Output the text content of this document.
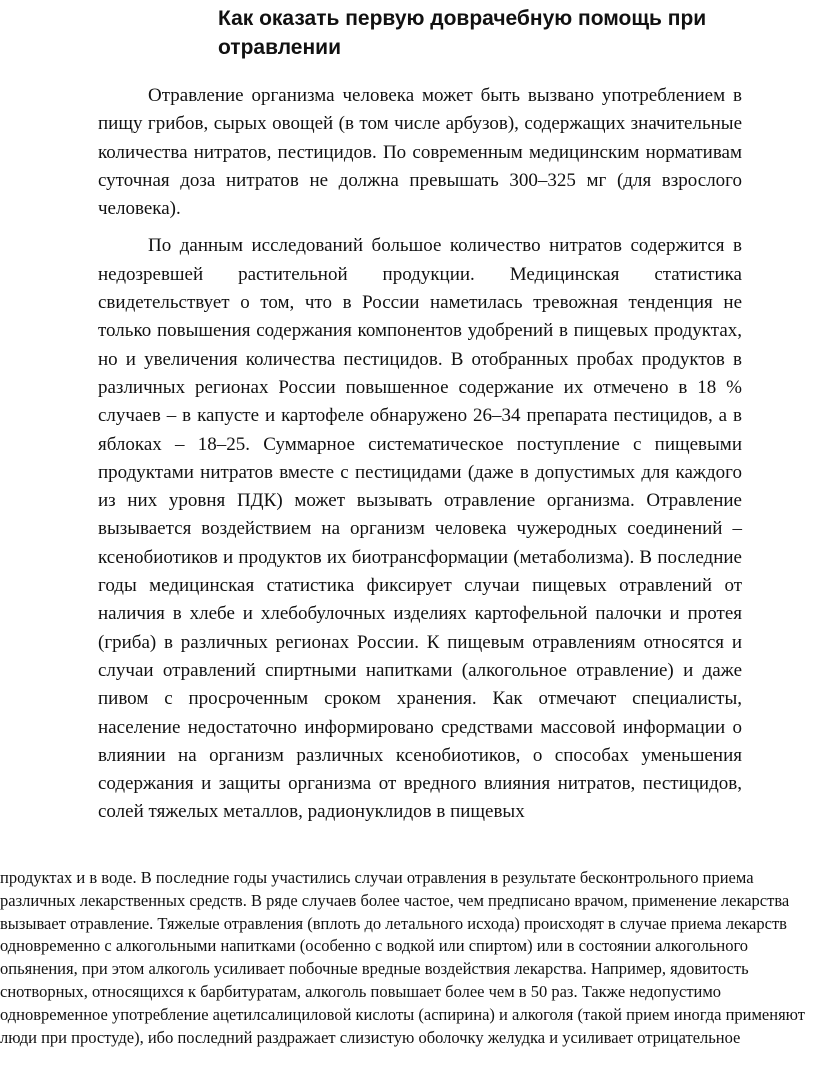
Как оказать первую доврачебную помощь при отравлении

Отравление организма человека может быть вызвано употреблением в пищу грибов, сырых овощей (в том числе арбузов), содержащих значительные количества нитратов, пестицидов. По современным медицинским нормативам суточная доза нитратов не должна превышать 300–325 мг (для взрослого человека).

По данным исследований большое количество нитратов содержится в недозревшей растительной продукции. Медицинская статистика свидетельствует о том, что в России наметилась тревожная тенденция не только повышения содержания компонентов удобрений в пищевых продуктах, но и увеличения количества пестицидов. В отобранных пробах продуктов в различных регионах России повышенное содержание их отмечено в 18 % случаев – в капусте и картофеле обнаружено 26–34 препарата пестицидов, а в яблоках – 18–25. Суммарное систематическое поступление с пищевыми продуктами нитратов вместе с пестицидами (даже в допустимых для каждого из них уровня ПДК) может вызывать отравление организма. Отравление вызывается воздействием на организм человека чужеродных соединений – ксенобиотиков и продуктов их биотрансформации (метаболизма). В последние годы медицинская статистика фиксирует случаи пищевых отравлений от наличия в хлебе и хлебобулочных изделиях картофельной палочки и протея (гриба) в различных регионах России. К пищевым отравлениям относятся и случаи отравлений спиртными напитками (алкогольное отравление) и даже пивом с просроченным сроком хранения. Как отмечают специалисты, население недостаточно информировано средствами массовой информации о влиянии на организм различных ксенобиотиков, о способах уменьшения содержания и защиты организма от вредного влияния нитратов, пестицидов, солей тяжелых металлов, радионуклидов в пищевых

продуктах и в воде. В последние годы участились случаи отравления в результате бесконтрольного приема различных лекарственных средств. В ряде случаев более частое, чем предписано врачом, применение лекарства вызывает отравление. Тяжелые отравления (вплоть до летального исхода) происходят в случае приема лекарств одновременно с алкогольными напитками (особенно с водкой или спиртом) или в состоянии алкогольного опьянения, при этом алкоголь усиливает побочные вредные воздействия лекарства. Например, ядовитость снотворных, относящихся к барбитуратам, алкоголь повышает более чем в 50 раз. Также недопустимо одновременное употребление ацетилсалициловой кислоты (аспирина) и алкоголя (такой прием иногда применяют люди при простуде), ибо последний раздражает слизистую оболочку желудка и усиливает отрицательное
